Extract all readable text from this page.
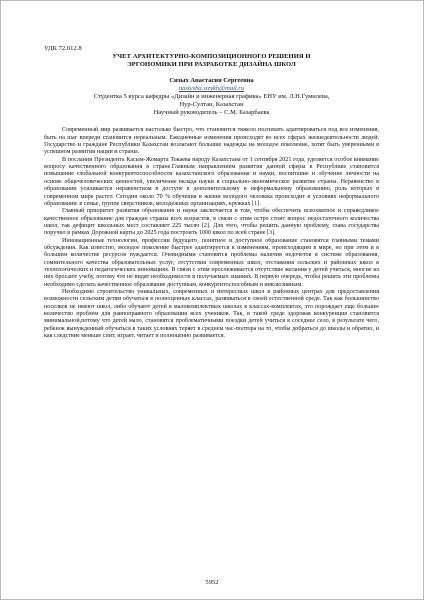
УДК 72.012.8

УЧЕТ АРХИТЕКТУРНО-КОМПОЗИЦИОННОГО РЕШЕНИЯ И
ЭРГОНОМИКИ ПРИ РАЗРАБОТКЕ ДИЗАЙНА ШКОЛ

Сизых Анастасия Сергеевна

nastysha.sizykh@mail.ru

Студентка 5 курса кафедры «Дизайн и инженерная графика» ЕНУ им. Л.Н.Гумилева,

Нур-Султан, Казахстан

Научный руководитель – С.М. Базарбаева

Современный мир развивается настолько быстро, что становится тяжело поспевать адаптироваться под все изменения, быть на шаг впереди становится нереальным. Ежедневные изменения происходят во всех сферах жизнедеятельности людей. Государство и граждане Республики Казахстан возлагают большие надежды на молодое поколение, хотят быть уверенными в успешном развитии нации и страны.

В послании Президента Касым-Жомарта Токаева народу Казахстана от 1 сентября 2021 года, уделяется особое внимание вопросу качественного образования в стране.Главным направлением развития данной сферы в Республике становится повышение глобальной конкурентоспособности казахстанского образования и науки, воспитание и обучение личности на основе общечеловеческих ценностей, увеличение вклада науки в социально-экономическое развитие страны. Неравенство в образовании усиливается неравенством в доступе к дополнительному и неформальному образованию, роль которых в современном мире растет. Сегодня около 70 % обучения в жизни молодого человека происходит в условиях неформального образования: в семье, группе сверстников, молодежных организациях, кружках [1].

Главный приоритет развития образования и науки заключается в том, чтобы обеспечить всеохватное и справедливое качественное образование для граждан страны всех возрастов, в связи с этим остро стоит вопрос недостаточного количества школ, так дефицит школьных мест составляет 225 тысяч [2]. Для того, чтобы решить данную проблему, глава государства поручил в рамках Дорожной карты до 2025 года построить 1000 школ по всей стране [3].

Инновационные технологии, профессии будущего, понятное и доступное образование становятся главными темами обсуждения. Как известно, молодое поколение быстрее адаптируется к изменениям, происходящим в мире, но при этом и в большем количестве ресурсов нуждается. Очевидными становятся проблемы наличия недочетов в системе образования, сомнительного качества образовательных услуг, отсутствия современных школ, отставания сельских и районных школ в технологических и педагогических инновациях. В связи с этим прослеживается отсутствие желания у детей учиться, многие из них бросают учебу, потому что не видят необходимости в получаемых знаниях. В первую очередь, чтобы решить эти проблемы необходимо сделать качественное образование доступным, конкурентоспособным и инклюзивным.

Необходимо строительство уникальных, современных и интересных школ в районных центрах для предоставления возможности сельским детям обучаться в полноценных классах, развиваться в своей естественной среде. Так как большинство поселков не имеют школ, либо обучают детей в малокомплектных школах в классах-комплектах, это порождает еще большее количество проблем для равноправного образования всех учеников. Так, в такой среде здоровая конкуренция становится минимальной,потому что детей мало, становятся проблематичными поездки детей учиться в соседнее село, в результате чего, ребенок вынужденный обучаться в таких условиях теряет в среднем час-полтора на то, чтобы добраться до школы и обратно, и как следствие меньше спит, играет, читает и полноценно развивается.

5952
